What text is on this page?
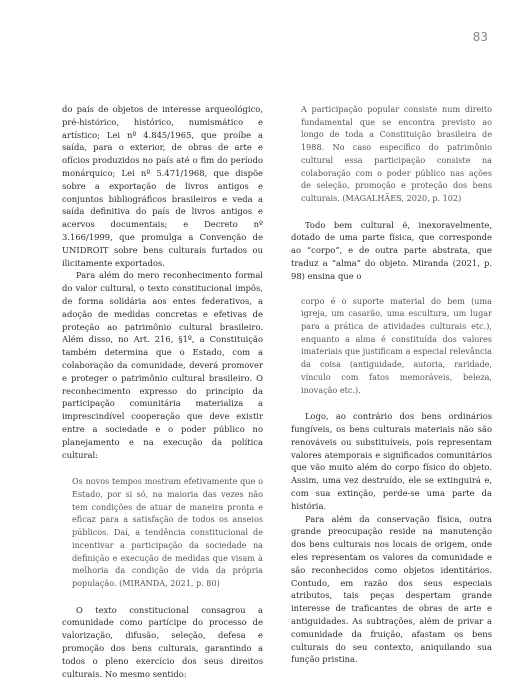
83

do país de objetos de interesse arqueológico, pré-histórico, histórico, numismático e artístico; Lei nº 4.845/1965, que proíbe a saída, para o exterior, de obras de arte e ofícios produzidos no país até o fim do período monárquico; Lei nº 5.471/1968, que dispõe sobre a exportação de livros antigos e conjuntos bibliográficos brasileiros e veda a saída definitiva do país de livros antigos e acervos documentais; e Decreto nº 3.166/1999, que promulga a Convenção de UNIDROIT sobre bens culturais furtados ou ilicitamente exportados.

Para além do mero reconhecimento formal do valor cultural, o texto constitucional impôs, de forma solidária aos entes federativos, a adoção de medidas concretas e efetivas de proteção ao patrimônio cultural brasileiro. Além disso, no Art. 216, §1º, a Constituição também determina que o Estado, com a colaboração da comunidade, deverá promover e proteger o patrimônio cultural brasileiro. O reconhecimento expresso do princípio da participação comunitária materializa a imprescindível cooperação que deve existir entre a sociedade e o poder público no planejamento e na execução da política cultural:

Os novos tempos mostram efetivamente que o Estado, por si só, na maioria das vezes não tem condições de atuar de maneira pronta e eficaz para a satisfação de todos os anseios públicos. Daí, a tendência constitucional de incentivar a participação da sociedade na definição e execução de medidas que visam à melhoria da condição de vida da própria população. (MIRANDA, 2021, p. 80)

O texto constitucional consagrou a comunidade como partícipe do processo de valorização, difusão, seleção, defesa e promoção dos bens culturais, garantindo a todos o pleno exercício dos seus direitos culturais. No mesmo sentido:

A participação popular consiste num direito fundamental que se encontra previsto ao longo de toda a Constituição brasileira de 1988. No caso específico do patrimônio cultural essa participação consiste na colaboração com o poder público nas ações de seleção, promoção e proteção dos bens culturais. (MAGALHÃES, 2020, p. 102)

Todo bem cultural é, inexoravelmente, dotado de uma parte física, que corresponde ao “corpo”, e de outra parte abstrata, que traduz a “alma” do objeto. Miranda (2021, p. 98) ensina que o

corpo é o suporte material do bem (uma igreja, um casarão, uma escultura, um lugar para a prática de atividades culturais etc.), enquanto a alma é constituída dos valores imateriais que justificam a especial relevância da coisa (antiguidade, autoria, raridade, vínculo com fatos memoráveis, beleza, inovação etc.).

Logo, ao contrário dos bens ordinários fungíveis, os bens culturais materiais não são renováveis ou substituíveis, pois representam valores atemporais e significados comunitários que vão muito além do corpo físico do objeto. Assim, uma vez destruído, ele se extinguirá e, com sua extinção, perde-se uma parte da história.

Para além da conservação física, outra grande preocupação reside na manutenção dos bens culturais nos locais de origem, onde eles representam os valores da comunidade e são reconhecidos como objetos identitários. Contudo, em razão dos seus especiais atributos, tais peças despertam grande interesse de traficantes de obras de arte e antiguidades. As subtrações, além de privar a comunidade da fruição, afastam os bens culturais do seu contexto, aniquilando sua função pristina.
